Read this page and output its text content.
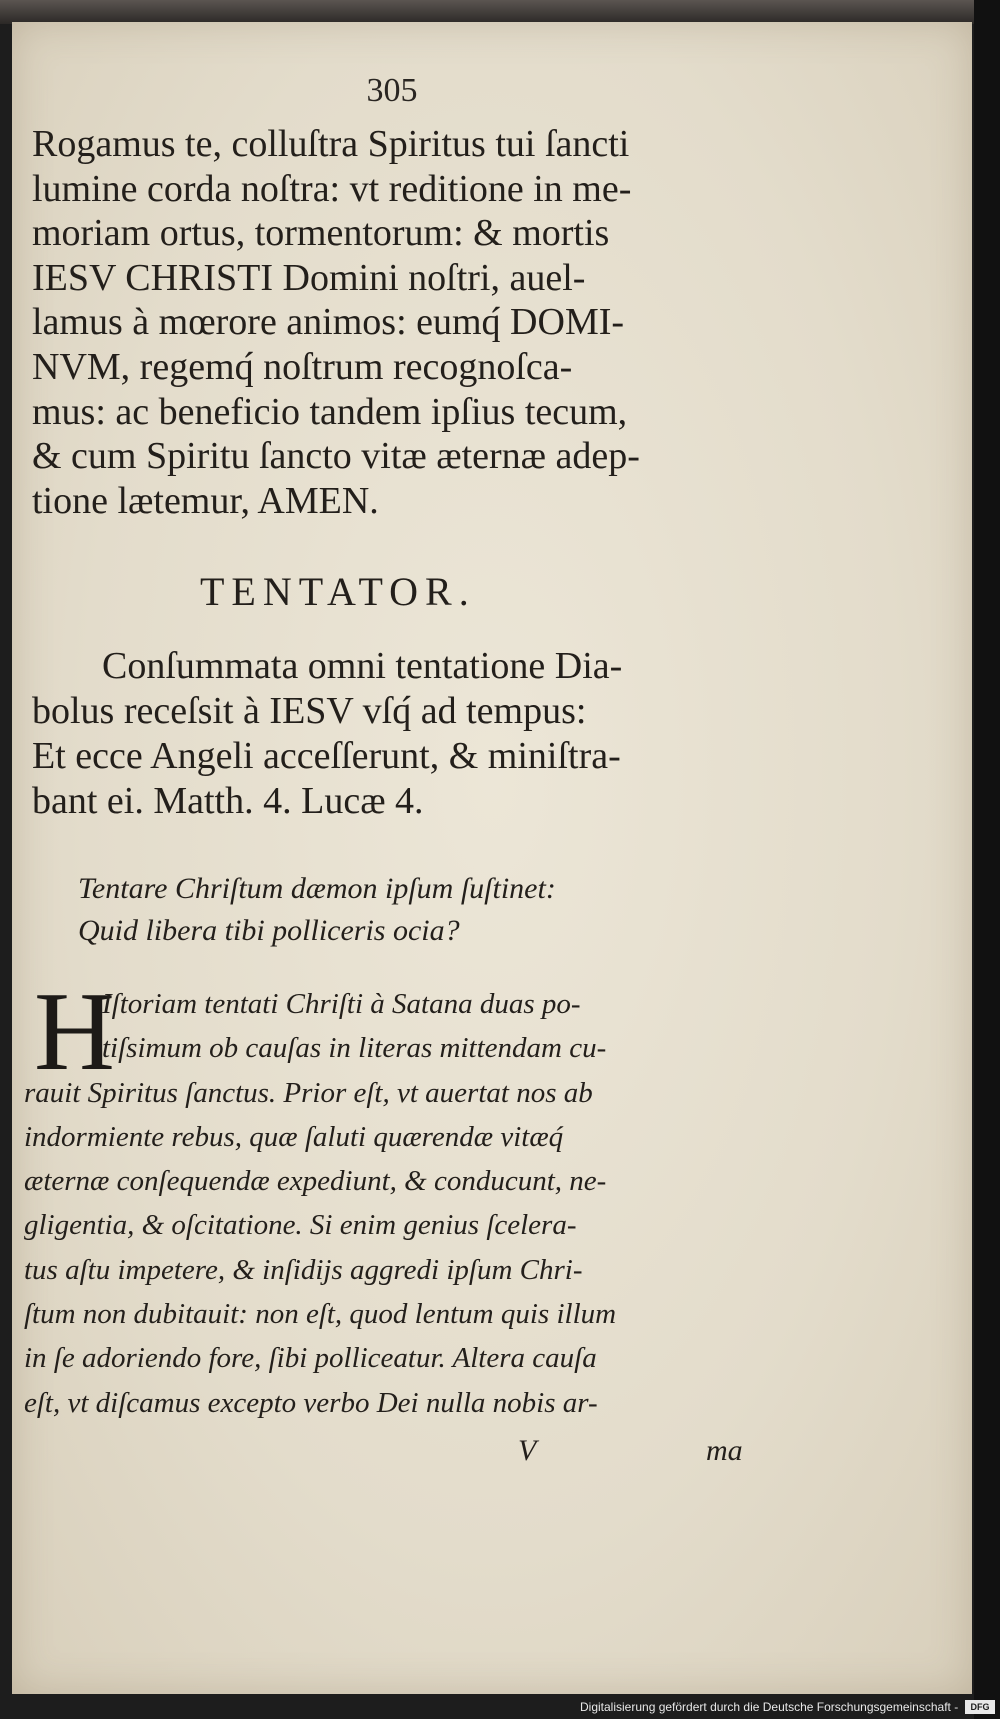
305
Rogamus te, colluſtra Spiritus tui ſancti
lumine corda noſtra: vt reditione in me-
moriam ortus, tormentorum: & mortis
IESV CHRISTI Domini noſtri, auel-
lamus à mœrore animos: eumq́ DOMI-
NVM, regemq́ noſtrum recognoſca-
mus: ac beneficio tandem ipſius tecum,
& cum Spiritu ſancto vitæ æternæ adep-
tione lætemur, AMEN.
TENTATOR.
Conſummata omni tentatione Dia-
bolus receſsit à IESV vſq́ ad tempus:
Et ecce Angeli acceſſerunt, & miniſtra-
bant ei. Matth. 4. Lucæ 4.
Tentare Chriſtum dæmon ipſum ſuſtinet:
Quid libera tibi polliceris ocia?
H
Iſtoriam tentati Chriſti à Satana duas po-
tiſsimum ob cauſas in literas mittendam cu-
rauit Spiritus ſanctus. Prior eſt, vt auertat nos ab
indormiente rebus, quæ ſaluti quærendæ vitæq́
æternæ conſequendæ expediunt, & conducunt, ne-
gligentia, & oſcitatione. Si enim genius ſcelera-
tus aſtu impetere, & inſidijs aggredi ipſum Chri-
ſtum non dubitauit: non eſt, quod lentum quis illum
in ſe adoriendo fore, ſibi polliceatur. Altera cauſa
eſt, vt diſcamus excepto verbo Dei nulla nobis ar-
V	ma
Digitalisierung gefördert durch die Deutsche Forschungsgemeinschaft -	DFG
